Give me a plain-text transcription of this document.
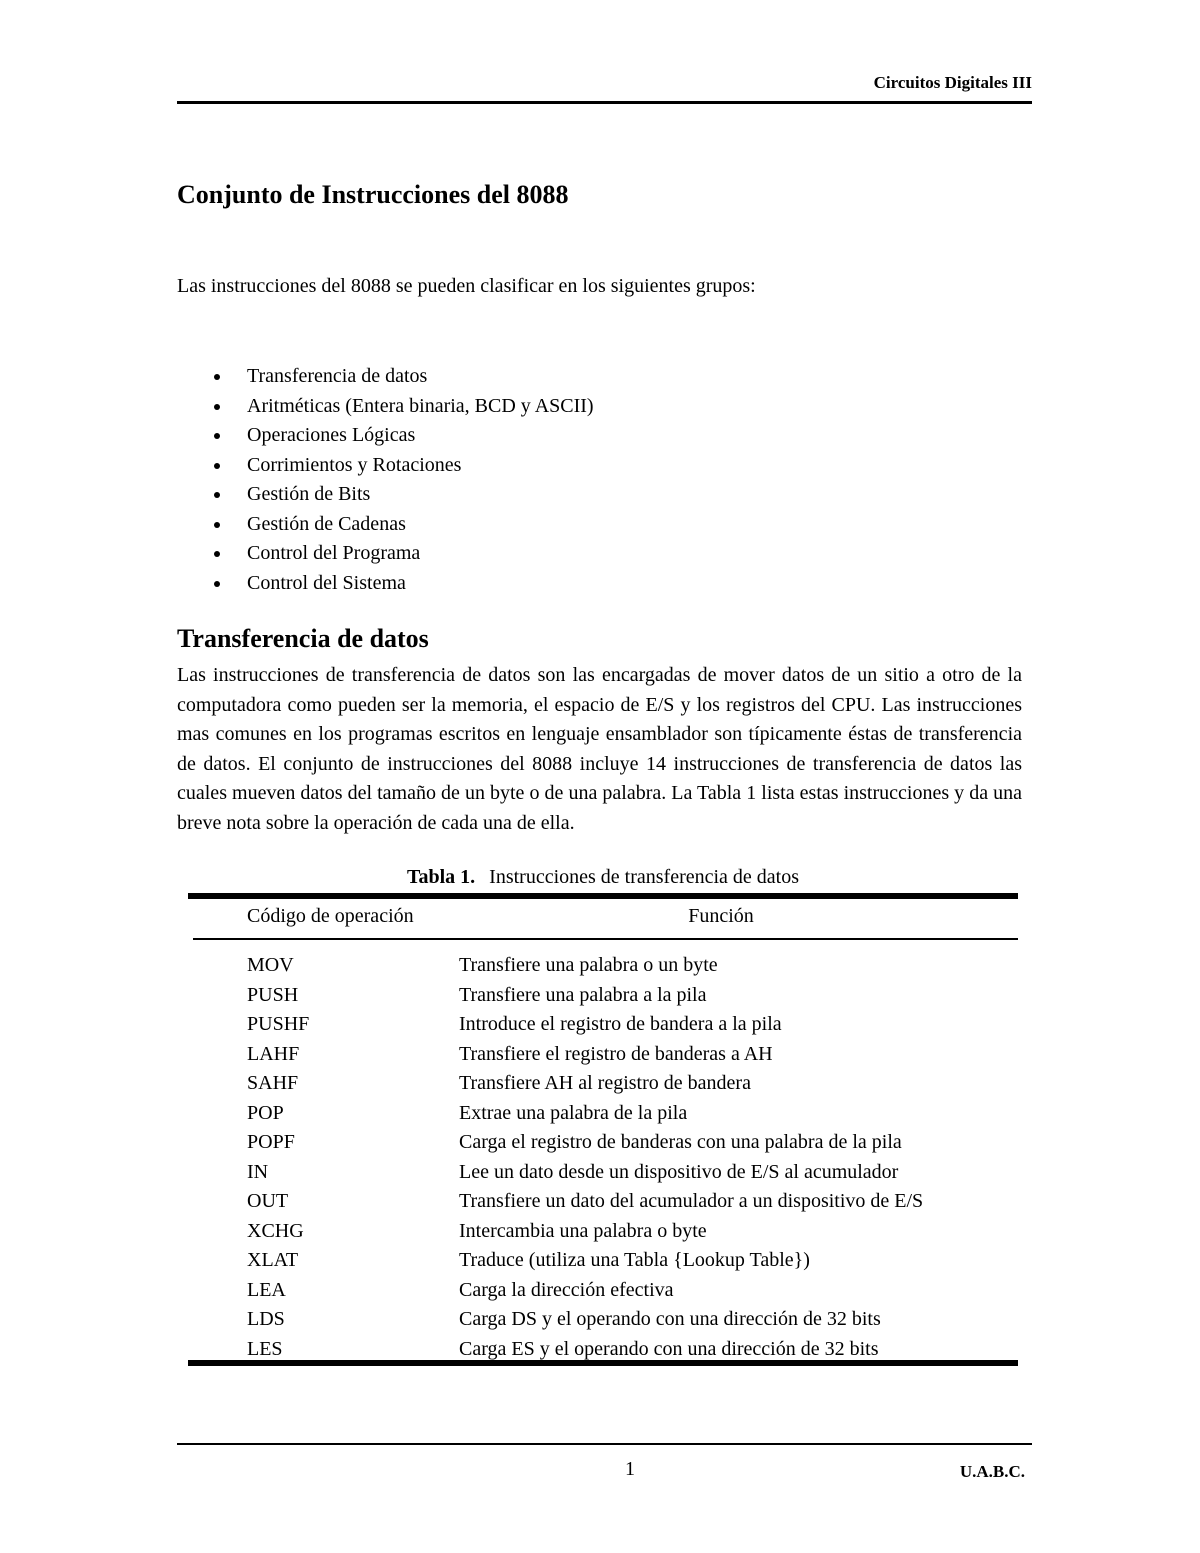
Circuitos Digitales III
Conjunto de Instrucciones del 8088

Las instrucciones del 8088 se pueden clasificar en los siguientes grupos:

Transferencia de datos
Aritméticas (Entera binaria, BCD y ASCII)
Operaciones Lógicas
Corrimientos y Rotaciones
Gestión de Bits
Gestión de Cadenas
Control del Programa
Control del Sistema
Transferencia de datos

Las instrucciones de transferencia de datos son las encargadas de mover datos de un sitio a otro de la computadora como pueden ser la memoria, el espacio de E/S y los registros del CPU. Las instrucciones mas comunes en los programas escritos en lenguaje ensamblador son típicamente éstas de transferencia de datos. El conjunto de instrucciones del 8088 incluye 14 instrucciones de transferencia de datos las cuales mueven datos del tamaño de un byte o de una palabra. La Tabla 1 lista estas instrucciones y da una breve nota sobre la operación de cada una de ella.

Tabla 1. Instrucciones de transferencia de datos
Código de operación	Función
MOV	Transfiere una palabra o un byte
PUSH	Transfiere una palabra a la pila
PUSHF	Introduce el registro de bandera a la pila
LAHF	Transfiere el registro de banderas a AH
SAHF	Transfiere AH al registro de bandera
POP	Extrae una palabra de la pila
POPF	Carga el registro de banderas con una palabra de la pila
IN	Lee un dato desde un dispositivo de E/S al acumulador
OUT	Transfiere un dato del acumulador a un dispositivo de E/S
XCHG	Intercambia una palabra o byte
XLAT	Traduce (utiliza una Tabla {Lookup Table})
LEA	Carga la dirección efectiva
LDS	Carga DS y el operando con una dirección de 32 bits
LES	Carga ES y el operando con una dirección de 32 bits
1	U.A.B.C.
